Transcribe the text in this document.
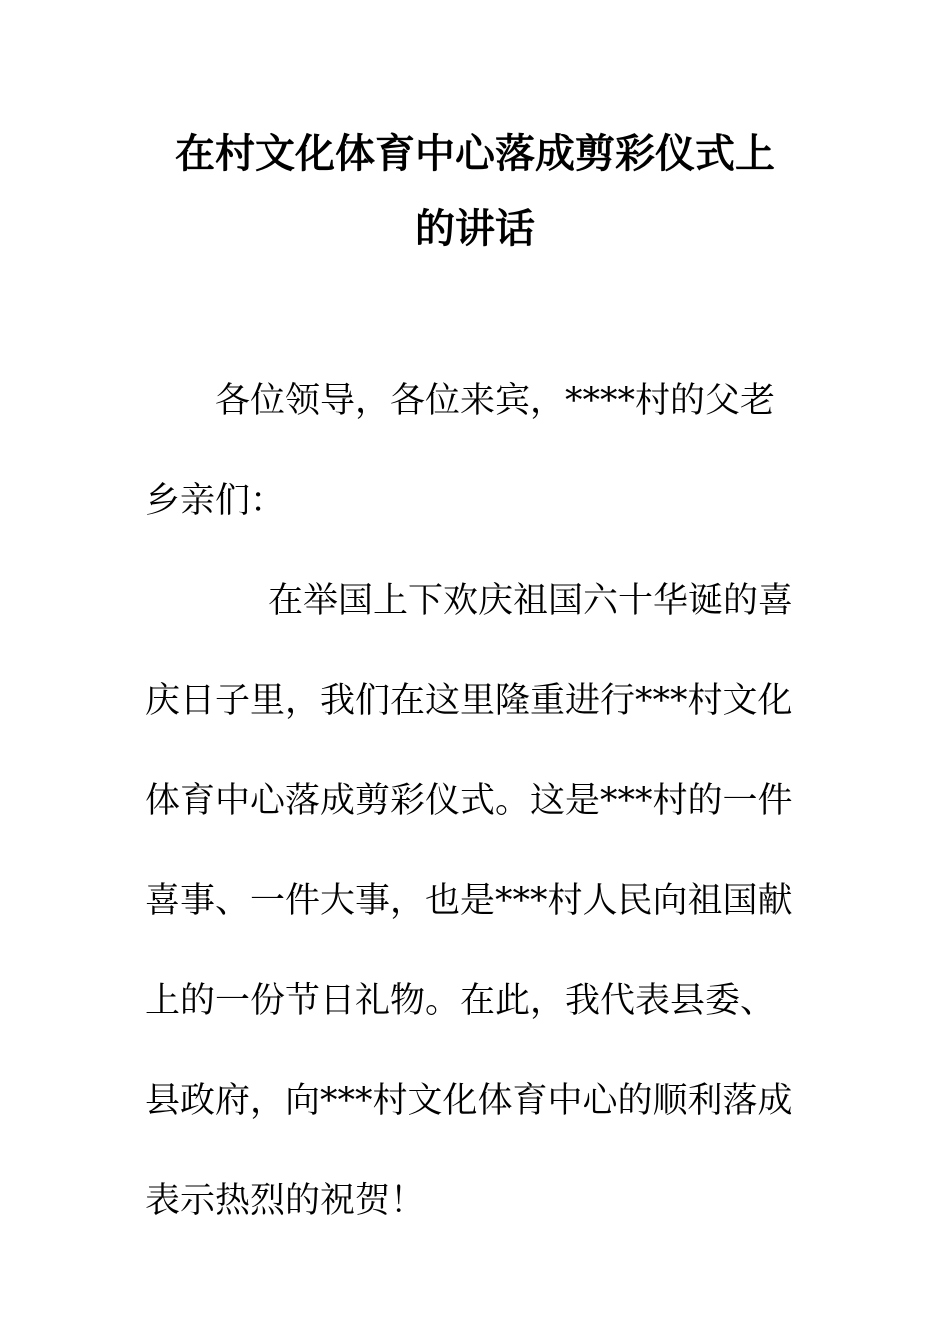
在村文化体育中心落成剪彩仪式上
的讲话
各位领导，各位来宾，****村的父老
乡亲们：
在举国上下欢庆祖国六十华诞的喜
庆日子里，我们在这里隆重进行***村文化
体育中心落成剪彩仪式。这是***村的一件
喜事、一件大事，也是***村人民向祖国献
上的一份节日礼物。在此，我代表县委、
县政府，向***村文化体育中心的顺利落成
表示热烈的祝贺！
